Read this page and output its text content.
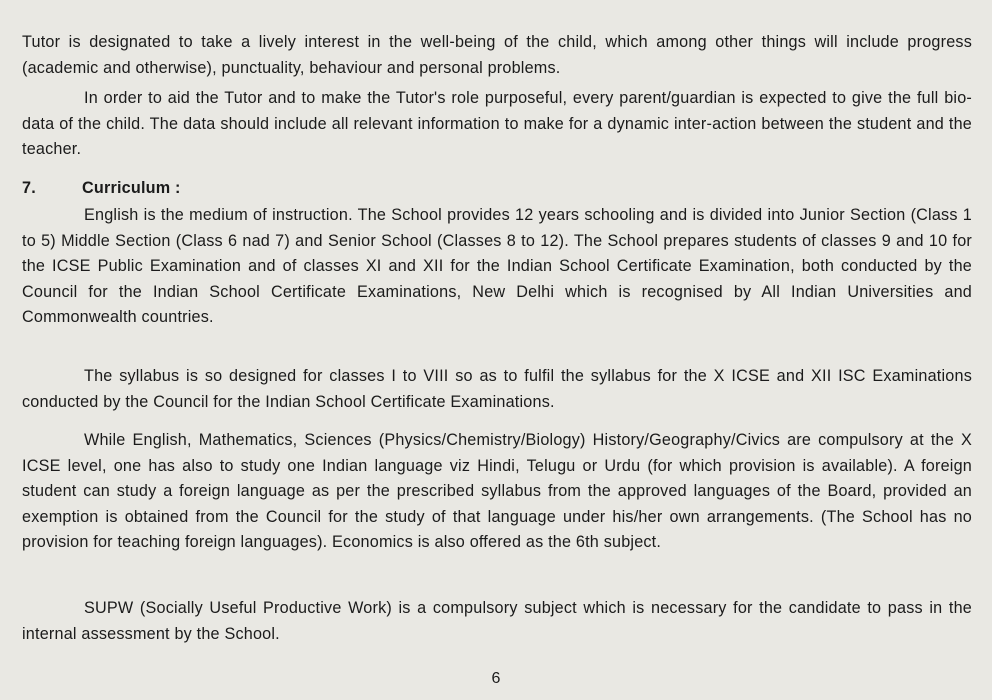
Tutor is designated to take a lively interest in the well-being of the child, which among other things will include progress (academic and otherwise), punctuality, behaviour and personal problems.

In order to aid the Tutor and to make the Tutor's role purposeful, every parent/guardian is expected to give the full bio-data of the child. The data should include all relevant information to make for a dynamic inter-action between the student and the teacher.

7.	Curriculum :

English is the medium of instruction. The School provides 12 years schooling and is divided into Junior Section (Class 1 to 5) Middle Section (Class 6 nad 7) and Senior School (Classes 8 to 12). The School prepares students of classes 9 and 10 for the ICSE Public Examination and of classes XI and XII for the Indian School Certificate Examination, both conducted by the Council for the Indian School Certificate Examinations, New Delhi which is recognised by All Indian Universities and Commonwealth countries.

The syllabus is so designed for classes I to VIII so as to fulfil the syllabus for the X ICSE and XII ISC Examinations conducted by the Council for the Indian School Certificate Examinations.

While English, Mathematics, Sciences (Physics/Chemistry/Biology) History/Geography/Civics are compulsory at the X ICSE level, one has also to study one Indian language viz Hindi, Telugu or Urdu (for which provision is available). A foreign student can study a foreign language as per the prescribed syllabus from the approved languages of the Board, provided an exemption is obtained from the Council for the study of that language under his/her own arrangements. (The School has no provision for teaching foreign languages). Economics is also offered as the 6th subject.

SUPW (Socially Useful Productive Work) is a compulsory subject which is necessary for the candidate to pass in the internal assessment by the School.

6
